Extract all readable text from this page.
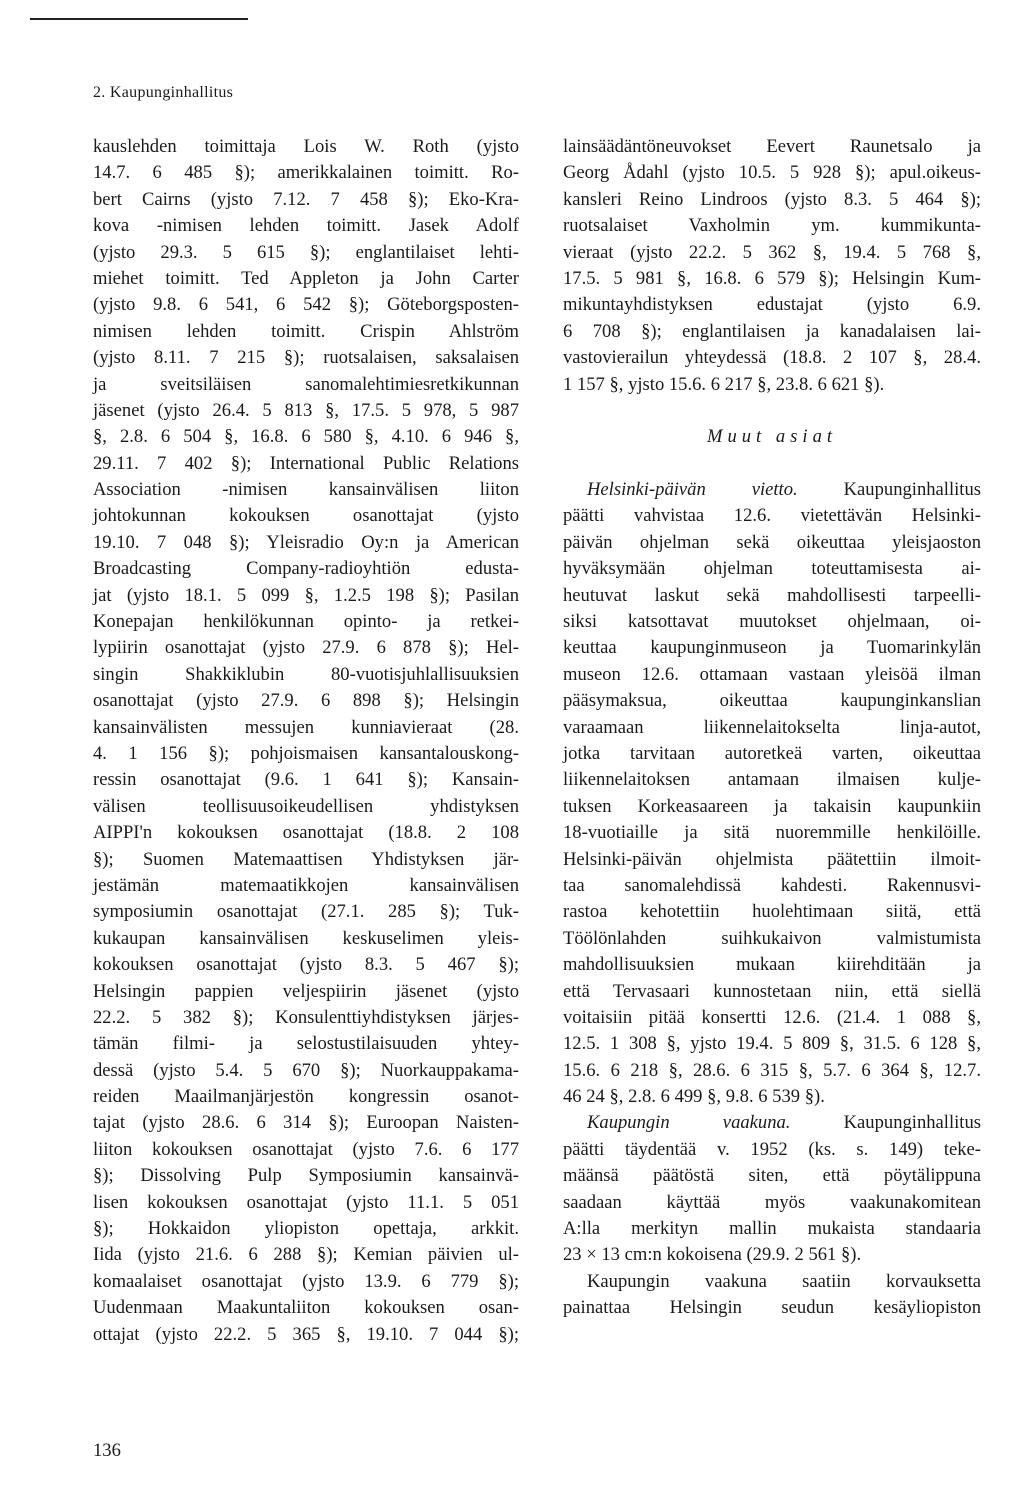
2. Kaupunginhallitus
kauslehden toimittaja Lois W. Roth (yjsto
14.7. 6 485 §); amerikkalainen toimitt. Ro-
bert Cairns (yjsto 7.12. 7 458 §); Eko-Kra-
kova -nimisen lehden toimitt. Jasek Adolf
(yjsto 29.3. 5 615 §); englantilaiset lehti-
miehet toimitt. Ted Appleton ja John Carter
(yjsto 9.8. 6 541, 6 542 §); Göteborgsposten-
nimisen lehden toimitt. Crispin Ahlström
(yjsto 8.11. 7 215 §); ruotsalaisen, saksalaisen
ja sveitsiläisen sanomalehtimiesretkikunnan
jäsenet (yjsto 26.4. 5 813 §, 17.5. 5 978, 5 987
§, 2.8. 6 504 §, 16.8. 6 580 §, 4.10. 6 946 §,
29.11. 7 402 §); International Public Relations
Association -nimisen kansainvälisen liiton
johtokunnan kokouksen osanottajat (yjsto
19.10. 7 048 §); Yleisradio Oy:n ja American
Broadcasting Company-radioyhtiön edusta-
jat (yjsto 18.1. 5 099 §, 1.2.5 198 §); Pasilan
Konepajan henkilökunnan opinto- ja retkei-
lypiirin osanottajat (yjsto 27.9. 6 878 §); Hel-
singin Shakkiklubin 80-vuotisjuhlallisuuksien
osanottajat (yjsto 27.9. 6 898 §); Helsingin
kansainvälisten messujen kunniavieraat (28.
4. 1 156 §); pohjoismaisen kansantalouskong-
ressin osanottajat (9.6. 1 641 §); Kansain-
välisen teollisuusoikeudellisen yhdistyksen
AIPPI'n kokouksen osanottajat (18.8. 2 108
§); Suomen Matemaattisen Yhdistyksen jär-
jestämän matemaatikkojen kansainvälisen
symposiumin osanottajat (27.1. 285 §); Tuk-
kukaupan kansainvälisen keskuselimen yleis-
kokouksen osanottajat (yjsto 8.3. 5 467 §);
Helsingin pappien veljespiirin jäsenet (yjsto
22.2. 5 382 §); Konsulenttiyhdistyksen järjes-
tämän filmi- ja selostustilaisuuden yhtey-
dessä (yjsto 5.4. 5 670 §); Nuorkauppakama-
reiden Maailmanjärjestön kongressin osanot-
tajat (yjsto 28.6. 6 314 §); Euroopan Naisten-
liiton kokouksen osanottajat (yjsto 7.6. 6 177
§); Dissolving Pulp Symposiumin kansainvä-
lisen kokouksen osanottajat (yjsto 11.1. 5 051
§); Hokkaidon yliopiston opettaja, arkkit.
Iida (yjsto 21.6. 6 288 §); Kemian päivien ul-
komaalaiset osanottajat (yjsto 13.9. 6 779 §);
Uudenmaan Maakuntaliiton kokouksen osan-
ottajat (yjsto 22.2. 5 365 §, 19.10. 7 044 §);
lainsäädäntöneuvokset Eevert Raunetsalo ja
Georg Ådahl (yjsto 10.5. 5 928 §); apul.oikeus-
kansleri Reino Lindroos (yjsto 8.3. 5 464 §);
ruotsalaiset Vaxholmin ym. kummikunta-
vieraat (yjsto 22.2. 5 362 §, 19.4. 5 768 §,
17.5. 5 981 §, 16.8. 6 579 §); Helsingin Kum-
mikuntayhdistyksen edustajat (yjsto 6.9.
6 708 §); englantilaisen ja kanadalaisen lai-
vastovierailun yhteydessä (18.8. 2 107 §, 28.4.
1 157 §, yjsto 15.6. 6 217 §, 23.8. 6 621 §).
Muut asiat
Helsinki-päivän vietto. Kaupunginhallitus
päätti vahvistaa 12.6. vietettävän Helsinki-
päivän ohjelman sekä oikeuttaa yleisjaoston
hyväksymään ohjelman toteuttamisesta ai-
heutuvat laskut sekä mahdollisesti tarpeelli-
siksi katsottavat muutokset ohjelmaan, oi-
keuttaa kaupunginmuseon ja Tuomarinkylän
museon 12.6. ottamaan vastaan yleisöä ilman
pääsymaksua, oikeuttaa kaupunginkanslian
varaamaan liikennelaitokselta linja-autot,
jotka tarvitaan autoretkeä varten, oikeuttaa
liikennelaitoksen antamaan ilmaisen kulje-
tuksen Korkeasaareen ja takaisin kaupunkiin
18-vuotiaille ja sitä nuoremmille henkilöille.
Helsinki-päivän ohjelmista päätettiin ilmoit-
taa sanomalehdissä kahdesti. Rakennusvi-
rastoa kehotettiin huolehtimaan siitä, että
Töölönlahden suihkukaivon valmistumista
mahdollisuuksien mukaan kiirehditään ja
että Tervasaari kunnostetaan niin, että siellä
voitaisiin pitää konsertti 12.6. (21.4. 1 088 §,
12.5. 1 308 §, yjsto 19.4. 5 809 §, 31.5. 6 128 §,
15.6. 6 218 §, 28.6. 6 315 §, 5.7. 6 364 §, 12.7.
46 24 §, 2.8. 6 499 §, 9.8. 6 539 §).
Kaupungin vaakuna. Kaupunginhallitus
päätti täydentää v. 1952 (ks. s. 149) teke-
määnsä päätöstä siten, että pöytälippuna
saadaan käyttää myös vaakunakomitean
A:lla merkityn mallin mukaista standaaria
23 × 13 cm:n kokoisena (29.9. 2 561 §).
Kaupungin vaakuna saatiin korvauksetta
painattaa Helsingin seudun kesäyliopiston
136
